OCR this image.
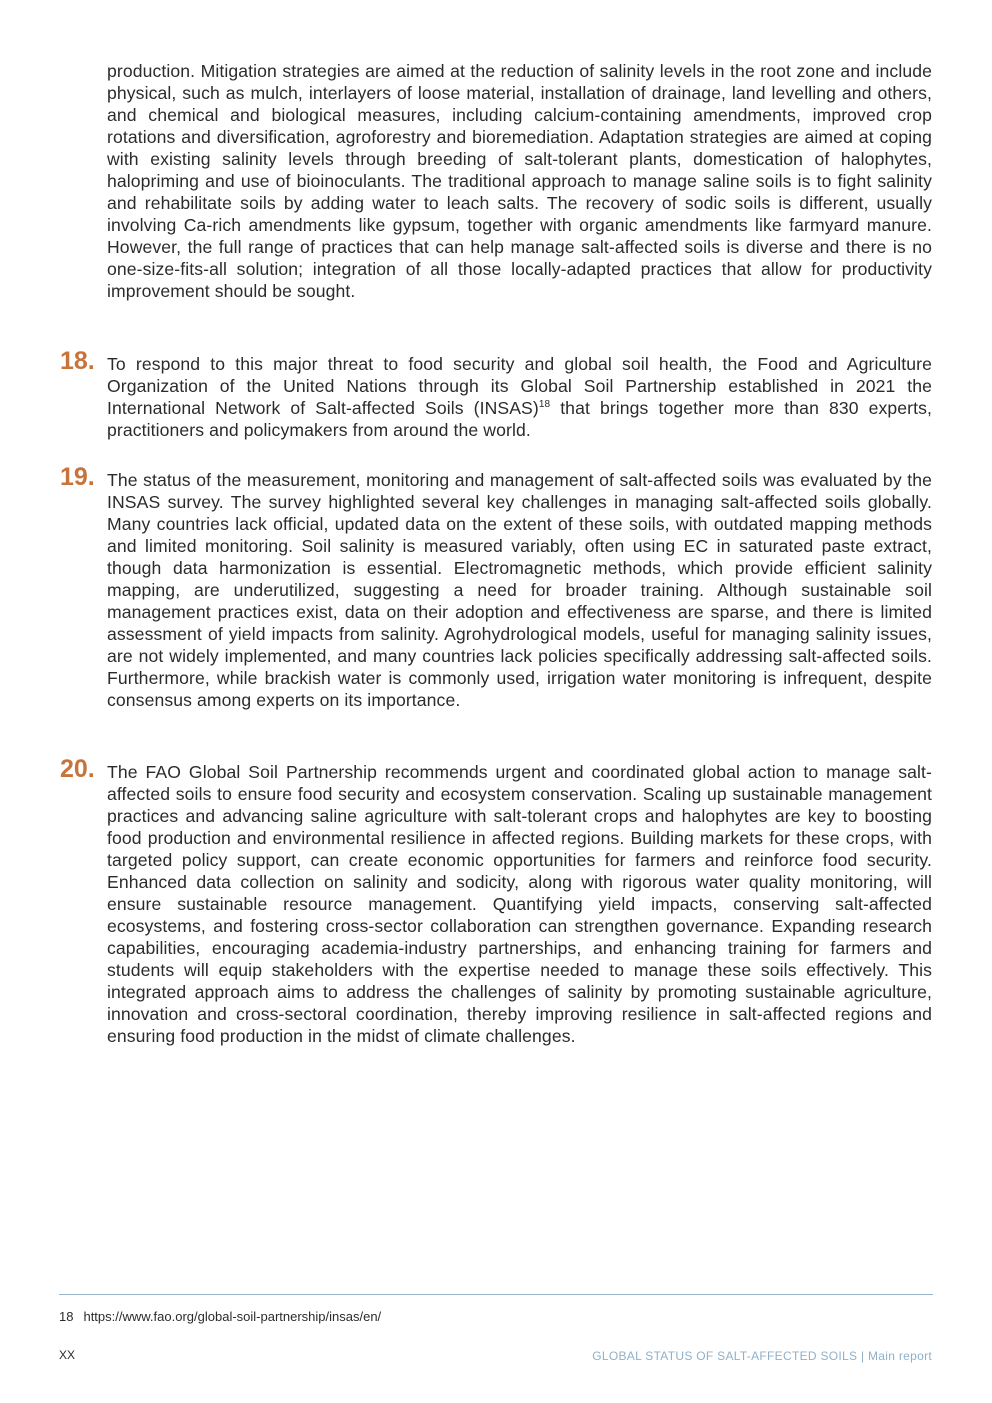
production. Mitigation strategies are aimed at the reduction of salinity levels in the root zone and include physical, such as mulch, interlayers of loose material, installation of drainage, land levelling and others, and chemical and biological measures, including calcium-containing amendments, improved crop rotations and diversification, agroforestry and bioremediation. Adaptation strategies are aimed at coping with existing salinity levels through breeding of salt-tolerant plants, domestication of halophytes, halopriming and use of bioinoculants. The traditional approach to manage saline soils is to fight salinity and rehabilitate soils by adding water to leach salts. The recovery of sodic soils is different, usually involving Ca-rich amendments like gypsum, together with organic amendments like farmyard manure. However, the full range of practices that can help manage salt-affected soils is diverse and there is no one-size-fits-all solution; integration of all those locally-adapted practices that allow for productivity improvement should be sought.

18. To respond to this major threat to food security and global soil health, the Food and Agriculture Organization of the United Nations through its Global Soil Partnership established in 2021 the International Network of Salt-affected Soils (INSAS)$^{18}$ that brings together more than 830 experts, practitioners and policymakers from around the world.

19. The status of the measurement, monitoring and management of salt-affected soils was evaluated by the INSAS survey. The survey highlighted several key challenges in managing salt-affected soils globally. Many countries lack official, updated data on the extent of these soils, with outdated mapping methods and limited monitoring. Soil salinity is measured variably, often using EC in saturated paste extract, though data harmonization is essential. Electromagnetic methods, which provide efficient salinity mapping, are underutilized, suggesting a need for broader training. Although sustainable soil management practices exist, data on their adoption and effectiveness are sparse, and there is limited assessment of yield impacts from salinity. Agrohydrological models, useful for managing salinity issues, are not widely implemented, and many countries lack policies specifically addressing salt-affected soils. Furthermore, while brackish water is commonly used, irrigation water monitoring is infrequent, despite consensus among experts on its importance.

20. The FAO Global Soil Partnership recommends urgent and coordinated global action to manage salt-affected soils to ensure food security and ecosystem conservation. Scaling up sustainable management practices and advancing saline agriculture with salt-tolerant crops and halophytes are key to boosting food production and environmental resilience in affected regions. Building markets for these crops, with targeted policy support, can create economic opportunities for farmers and reinforce food security. Enhanced data collection on salinity and sodicity, along with rigorous water quality monitoring, will ensure sustainable resource management. Quantifying yield impacts, conserving salt-affected ecosystems, and fostering cross-sector collaboration can strengthen governance. Expanding research capabilities, encouraging academia-industry partnerships, and enhancing training for farmers and students will equip stakeholders with the expertise needed to manage these soils effectively. This integrated approach aims to address the challenges of salinity by promoting sustainable agriculture, innovation and cross-sectoral coordination, thereby improving resilience in salt-affected regions and ensuring food production in the midst of climate challenges.

18 https://www.fao.org/global-soil-partnership/insas/en/
XX	GLOBAL STATUS OF SALT-AFFECTED SOILS | Main report
